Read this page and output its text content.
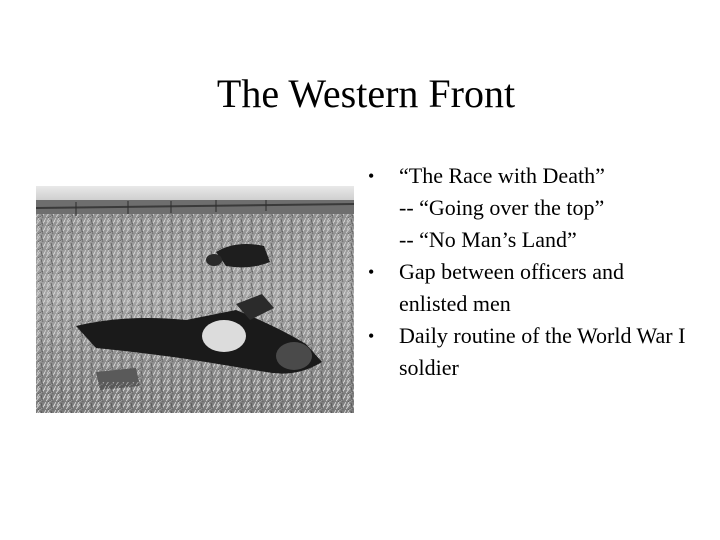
The Western Front
•	“The Race with Death”
-- “Going over the top”
-- “No Man’s Land”
•	Gap between officers and enlisted men
•	Daily routine of the World War I soldier
